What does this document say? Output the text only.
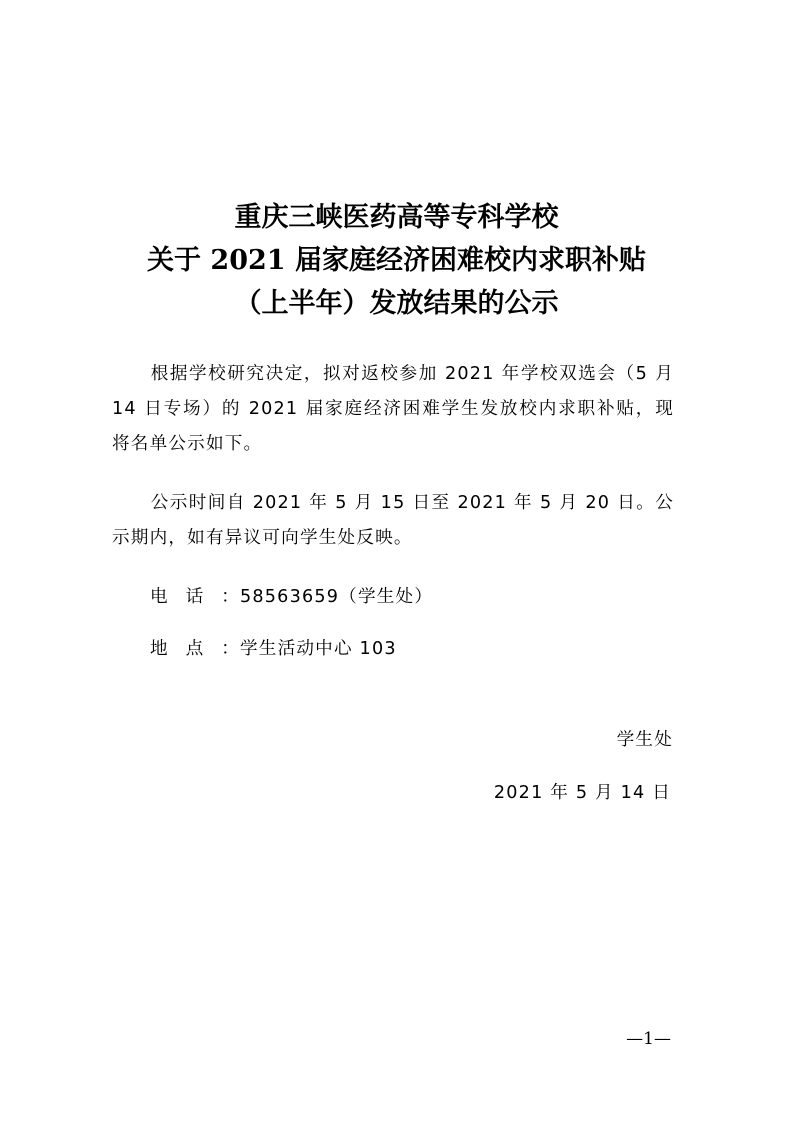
重庆三峡医药高等专科学校
关于 2021 届家庭经济困难校内求职补贴
（上半年）发放结果的公示
根据学校研究决定，拟对返校参加 2021 年学校双选会（5 月 14 日专场）的 2021 届家庭经济困难学生发放校内求职补贴，现将名单公示如下。
公示时间自 2021 年 5 月 15 日至 2021 年 5 月 20 日。公示期内，如有异议可向学生处反映。
电话：58563659（学生处）
地点：学生活动中心 103
学生处
2021 年 5 月 14 日
—1—
